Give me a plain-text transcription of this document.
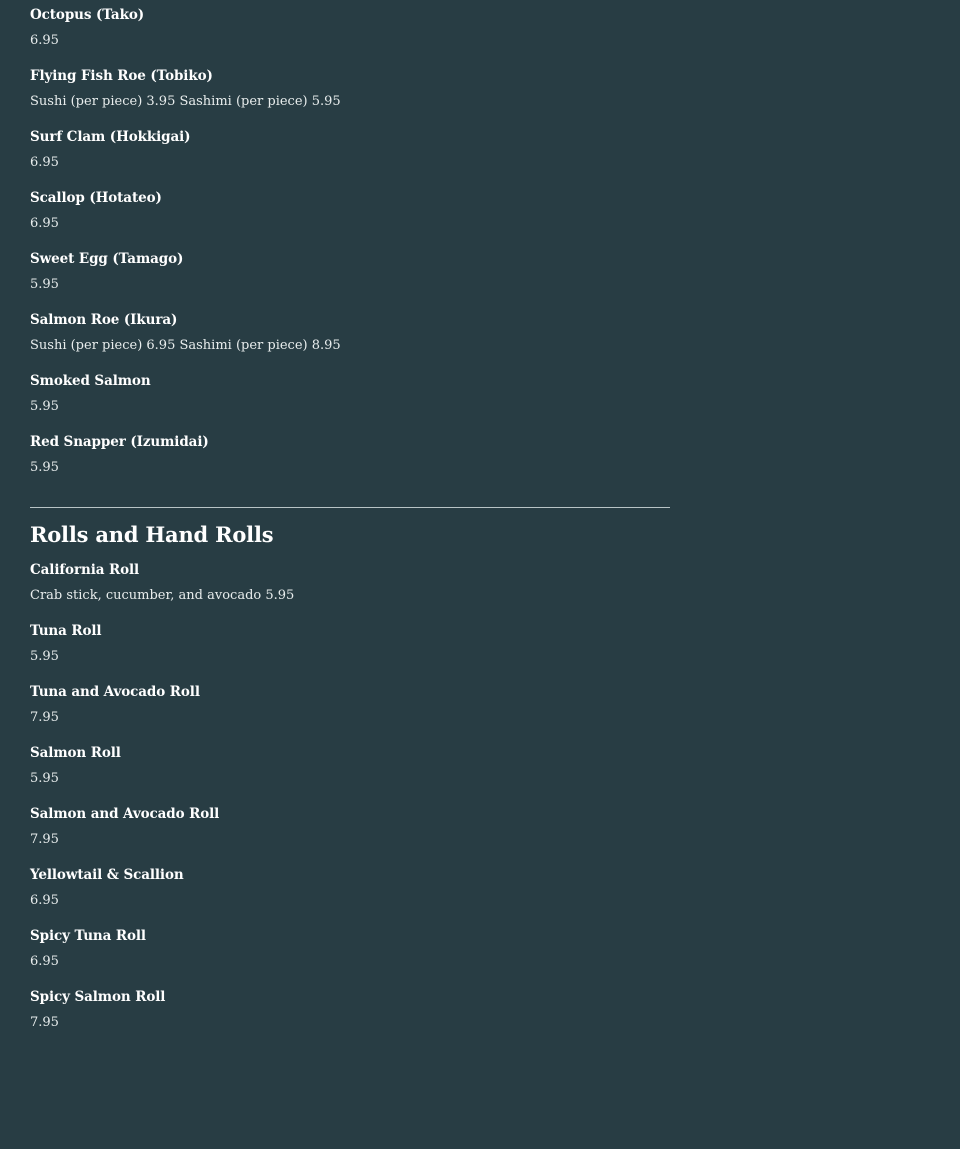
Octopus (Tako)
6.95
Flying Fish Roe (Tobiko)
Sushi (per piece) 3.95 Sashimi (per piece) 5.95
Surf Clam (Hokkigai)
6.95
Scallop (Hotateo)
6.95
Sweet Egg (Tamago)
5.95
Salmon Roe (Ikura)
Sushi (per piece) 6.95 Sashimi (per piece) 8.95
Smoked Salmon
5.95
Red Snapper (Izumidai)
5.95
Rolls and Hand Rolls
California Roll
Crab stick, cucumber, and avocado 5.95
Tuna Roll
5.95
Tuna and Avocado Roll
7.95
Salmon Roll
5.95
Salmon and Avocado Roll
7.95
Yellowtail & Scallion
6.95
Spicy Tuna Roll
6.95
Spicy Salmon Roll
7.95
